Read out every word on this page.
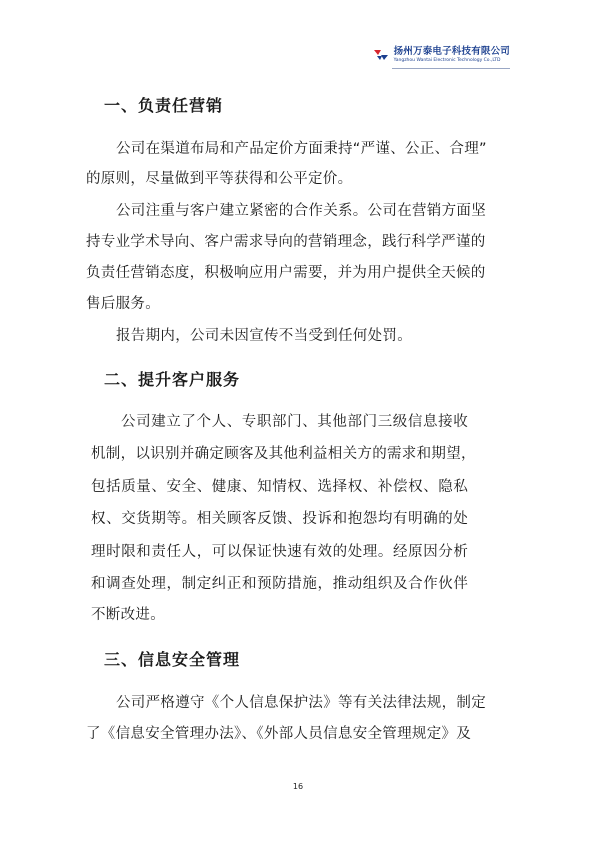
扬州万泰电子科技有限公司
Yangzhou Wantai Electronic Technology Co.,LTD
一、负责任营销

公司在渠道布局和产品定价方面秉持“严谨、公正、合理”

的原则，尽量做到平等获得和公平定价。

公司注重与客户建立紧密的合作关系。公司在营销方面坚

持专业学术导向、客户需求导向的营销理念，践行科学严谨的

负责任营销态度，积极响应用户需要，并为用户提供全天候的

售后服务。

报告期内，公司未因宣传不当受到任何处罚。

二、提升客户服务

公司建立了个人、专职部门、其他部门三级信息接收

机制，以识别并确定顾客及其他利益相关方的需求和期望，

包括质量、安全、健康、知情权、选择权、补偿权、隐私

权、交货期等。相关顾客反馈、投诉和抱怨均有明确的处

理时限和责任人，可以保证快速有效的处理。经原因分析

和调查处理，制定纠正和预防措施，推动组织及合作伙伴

不断改进。

三、信息安全管理

公司严格遵守《个人信息保护法》等有关法律法规，制定

了《信息安全管理办法》、《外部人员信息安全管理规定》及

16
